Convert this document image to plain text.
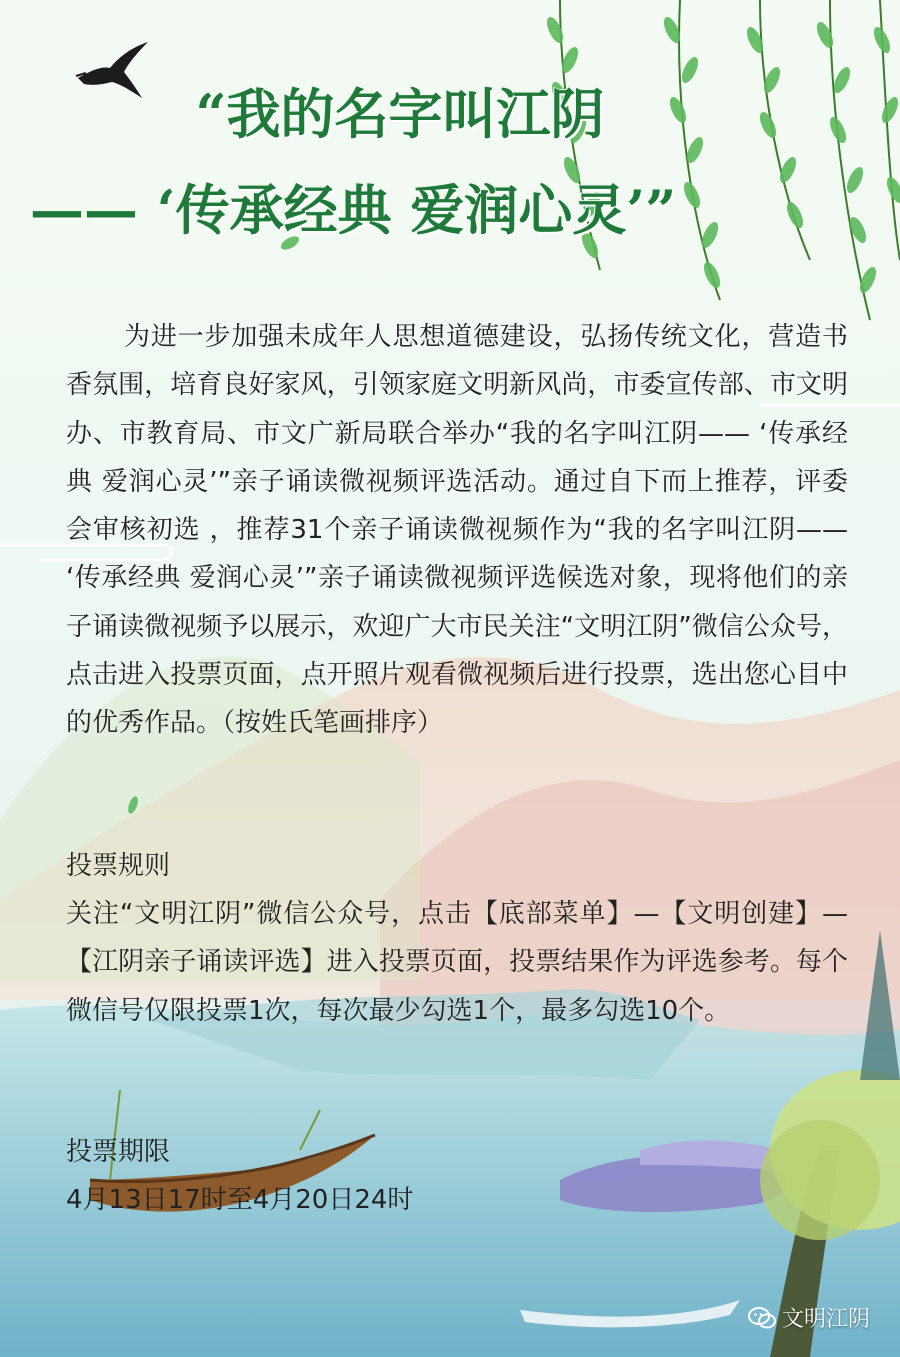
“我的名字叫江阴
—— ‘传承经典 爱润心灵’”
为进一步加强未成年人思想道德建设，弘扬传统文化，营造书香氛围，培育良好家风，引领家庭文明新风尚，市委宣传部、市文明办、市教育局、市文广新局联合举办“我的名字叫江阴—— ‘传承经典 爱润心灵’”亲子诵读微视频评选活动。通过自下而上推荐，评委会审核初选 ，推荐31个亲子诵读微视频作为“我的名字叫江阴—— ‘传承经典 爱润心灵’”亲子诵读微视频评选候选对象，现将他们的亲子诵读微视频予以展示，欢迎广大市民关注“文明江阴”微信公众号，点击进入投票页面，点开照片观看微视频后进行投票，选出您心目中的优秀作品。（按姓氏笔画排序）
投票规则
关注“文明江阴”微信公众号，点击【底部菜单】—【文明创建】—【江阴亲子诵读评选】进入投票页面，投票结果作为评选参考。每个微信号仅限投票1次，每次最少勾选1个，最多勾选10个。
投票期限
4月13日17时至4月20日24时
文明江阴
